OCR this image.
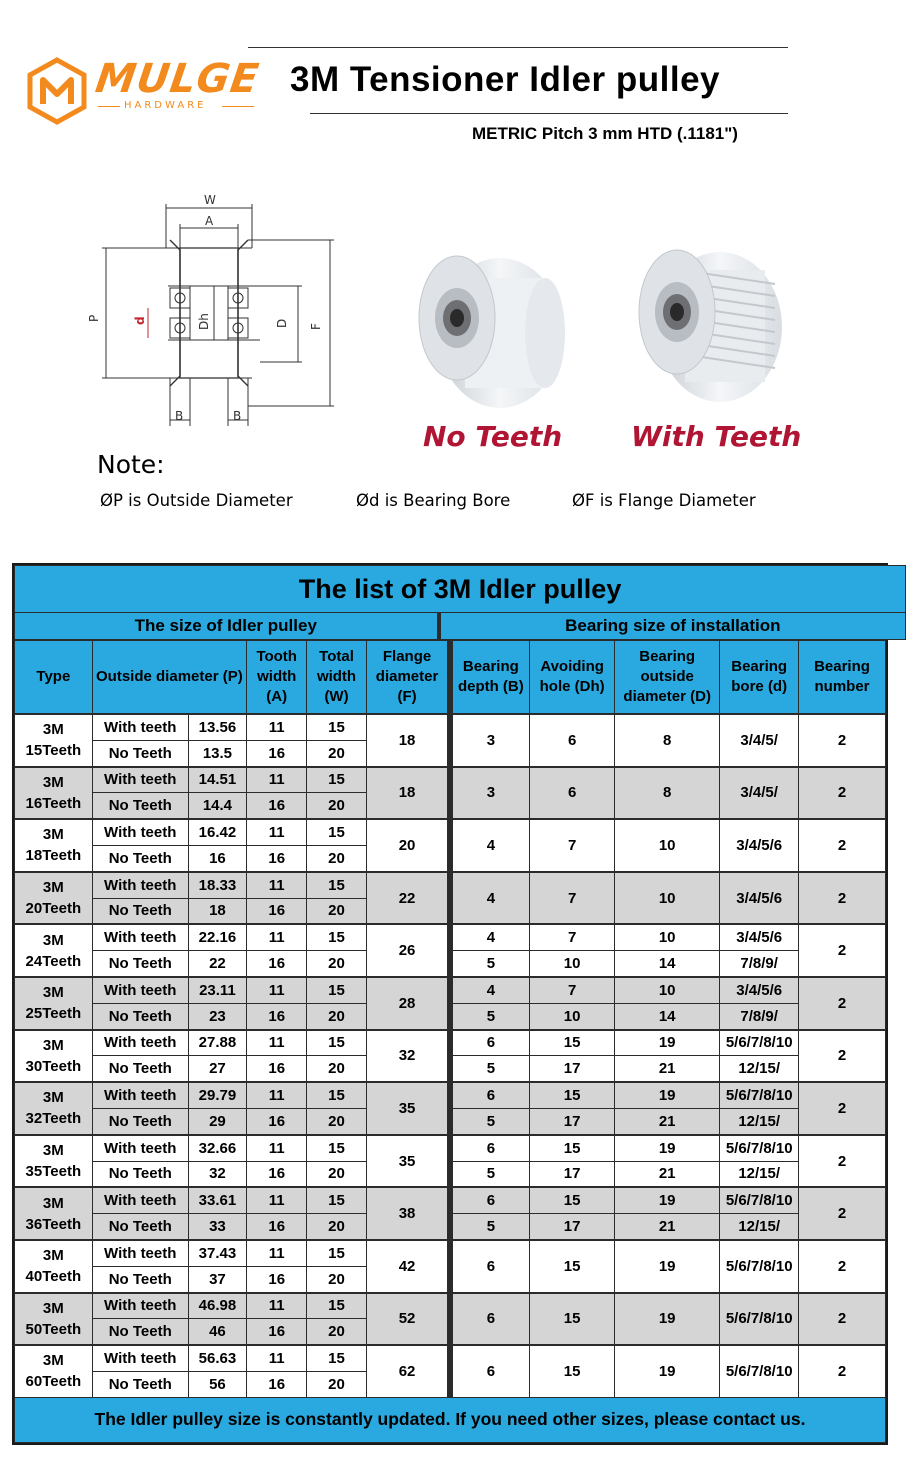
MULGE
HARDWARE
3M Tensioner Idler pulley
METRIC Pitch 3 mm HTD (.1181")
W
A
P	d	Dh	D F
B	B
No Teeth With Teeth
Note:
ØP is Outside Diameter	Ød is Bearing Bore	ØF is Flange Diameter
The list of 3M Idler pulley
The size of Idler pulley	Bearing size of installation
Type	Outside diameter (P)		Tooth width (A)	Total width (W)	Flange diameter (F)		Bearing depth (B)	Avoiding hole (Dh)	Bearing outside diameter (D)	Bearing bore (d)	Bearing number
3M 15Teeth	With teeth	13.56	11	15	18		3	6	8	3/4/5/	2
	No Teeth	13.5	16	20							
3M 16Teeth	With teeth	14.51	11	15	18		3	6	8	3/4/5/	2
	No Teeth	14.4	16	20							
3M 18Teeth	With teeth	16.42	11	15	20		4	7	10	3/4/5/6	2
	No Teeth	16	16	20							
3M 20Teeth	With teeth	18.33	11	15	22		4	7	10	3/4/5/6	2
	No Teeth	18	16	20							
3M 24Teeth	With teeth	22.16	11	15	26		4	7	10	3/4/5/6	2
	No Teeth	22	16	20			5	10	14	7/8/9/	
3M 25Teeth	With teeth	23.11	11	15	28		4	7	10	3/4/5/6	2
	No Teeth	23	16	20			5	10	14	7/8/9/	
3M 30Teeth	With teeth	27.88	11	15	32		6	15	19	5/6/7/8/10	2
	No Teeth	27	16	20			5	17	21	12/15/	
3M 32Teeth	With teeth	29.79	11	15	35		6	15	19	5/6/7/8/10	2
	No Teeth	29	16	20			5	17	21	12/15/	
3M 35Teeth	With teeth	32.66	11	15	35		6	15	19	5/6/7/8/10	2
	No Teeth	32	16	20			5	17	21	12/15/	
3M 36Teeth	With teeth	33.61	11	15	38		6	15	19	5/6/7/8/10	2
	No Teeth	33	16	20			5	17	21	12/15/	
3M 40Teeth	With teeth	37.43	11	15	42		6	15	19	5/6/7/8/10	2
	No Teeth	37	16	20							
3M 50Teeth	With teeth	46.98	11	15	52		6	15	19	5/6/7/8/10	2
	No Teeth	46	16	20							
3M 60Teeth	With teeth	56.63	11	15	62		6	15	19	5/6/7/8/10	2
	No Teeth	56	16	20							
The Idler pulley size is constantly updated. If you need other sizes, please contact us.											
